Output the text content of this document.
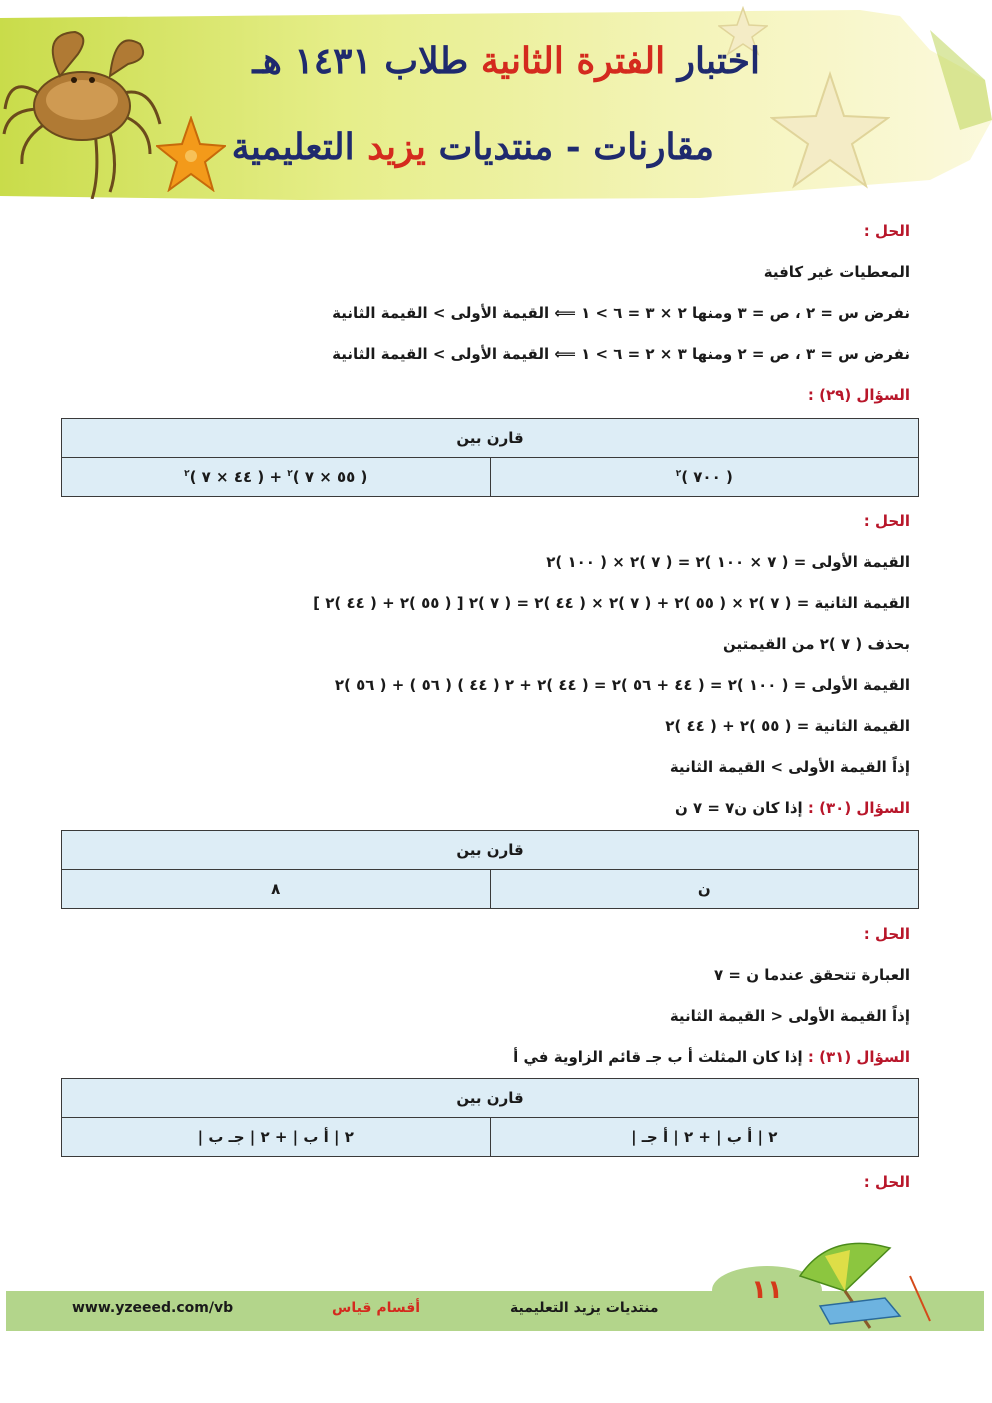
اختبار الفترة الثانية طلاب ١٤٣١ هـ
مقارنات - منتديات يزيد التعليمية
الحل :
المعطيات غير كافية
نفرض س = ٢ ، ص = ٣ ومنها ٢ × ٣ = ٦ > ١ ⟸ القيمة الأولى > القيمة الثانية
نفرض س = ٣ ، ص = ٢ ومنها ٣ × ٢ = ٦ > ١ ⟸ القيمة الأولى > القيمة الثانية
السؤال (٢٩) :
قارن بين
( ٧٠٠ )$^٢$	( ٥٥ × ٧ )$^٢$ + ( ٤٤ × ٧ )$^٢$
الحل :
القيمة الأولى = ( ٧ × ١٠٠ )٢ = ( ٧ )٢ × ( ١٠٠ )٢
القيمة الثانية = ( ٧ )٢ × ( ٥٥ )٢ + ( ٧ )٢ × ( ٤٤ )٢ = ( ٧ )٢ [ ( ٥٥ )٢ + ( ٤٤ )٢ ]
بحذف ( ٧ )٢ من القيمتين
القيمة الأولى = ( ١٠٠ )٢ = ( ٤٤ + ٥٦ )٢ = ( ٤٤ )٢ + ٢ ( ٤٤ ) ( ٥٦ ) + ( ٥٦ )٢
القيمة الثانية = ( ٥٥ )٢ + ( ٤٤ )٢
إذاً القيمة الأولى > القيمة الثانية
السؤال (٣٠) : إذا كان ن٧ = ٧ ن
قارن بين
ن	٨
الحل :
العبارة تتحقق عندما ن = ٧
إذاً القيمة الأولى < القيمة الثانية
السؤال (٣١) : إذا كان المثلث أ ب جـ قائم الزاوية في أ
قارن بين
٢ | أ ب | + ٢ | أ جـ |	٢ | أ ب | + ٢ | جـ ب |
الحل :
١١
منتديات يزيد التعليمية
أقسام قياس
www.yzeeed.com/vb
